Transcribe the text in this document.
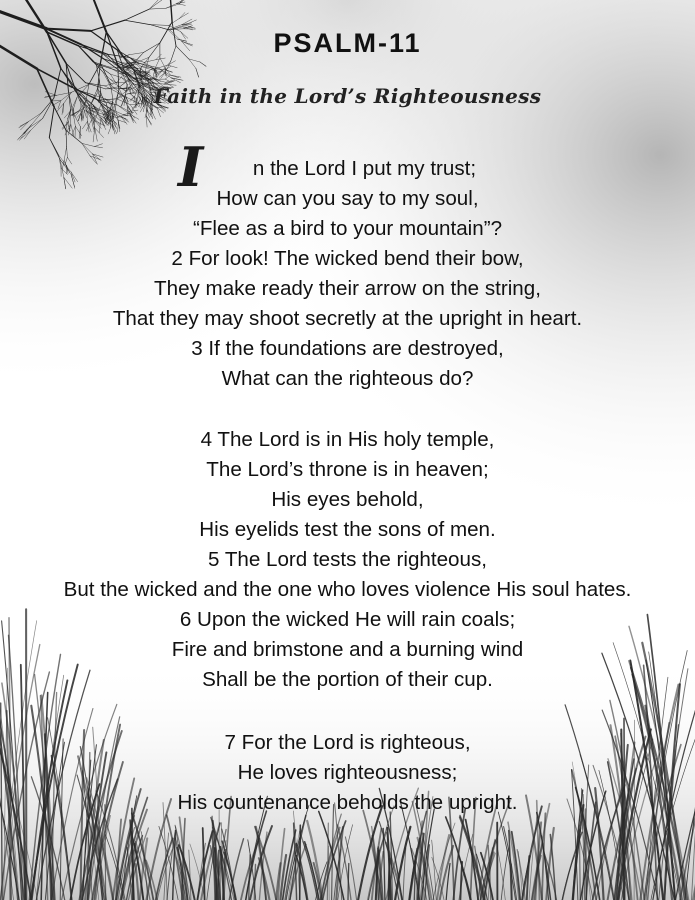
PSALM-11
Faith in the Lord’s Righteousness
I	n the Lord I put my trust;
How can you say to my soul,
“Flee as a bird to your mountain”?
2 For look! The wicked bend their bow,
They make ready their arrow on the string,
That they may shoot secretly at the upright in heart.
3 If the foundations are destroyed,
What can the righteous do?
4 The Lord is in His holy temple,
The Lord’s throne is in heaven;
His eyes behold,
His eyelids test the sons of men.
5 The Lord tests the righteous,
But the wicked and the one who loves violence His soul hates.
6 Upon the wicked He will rain coals;
Fire and brimstone and a burning wind
Shall be the portion of their cup.
7 For the Lord is righteous,
He loves righteousness;
His countenance beholds the upright.
